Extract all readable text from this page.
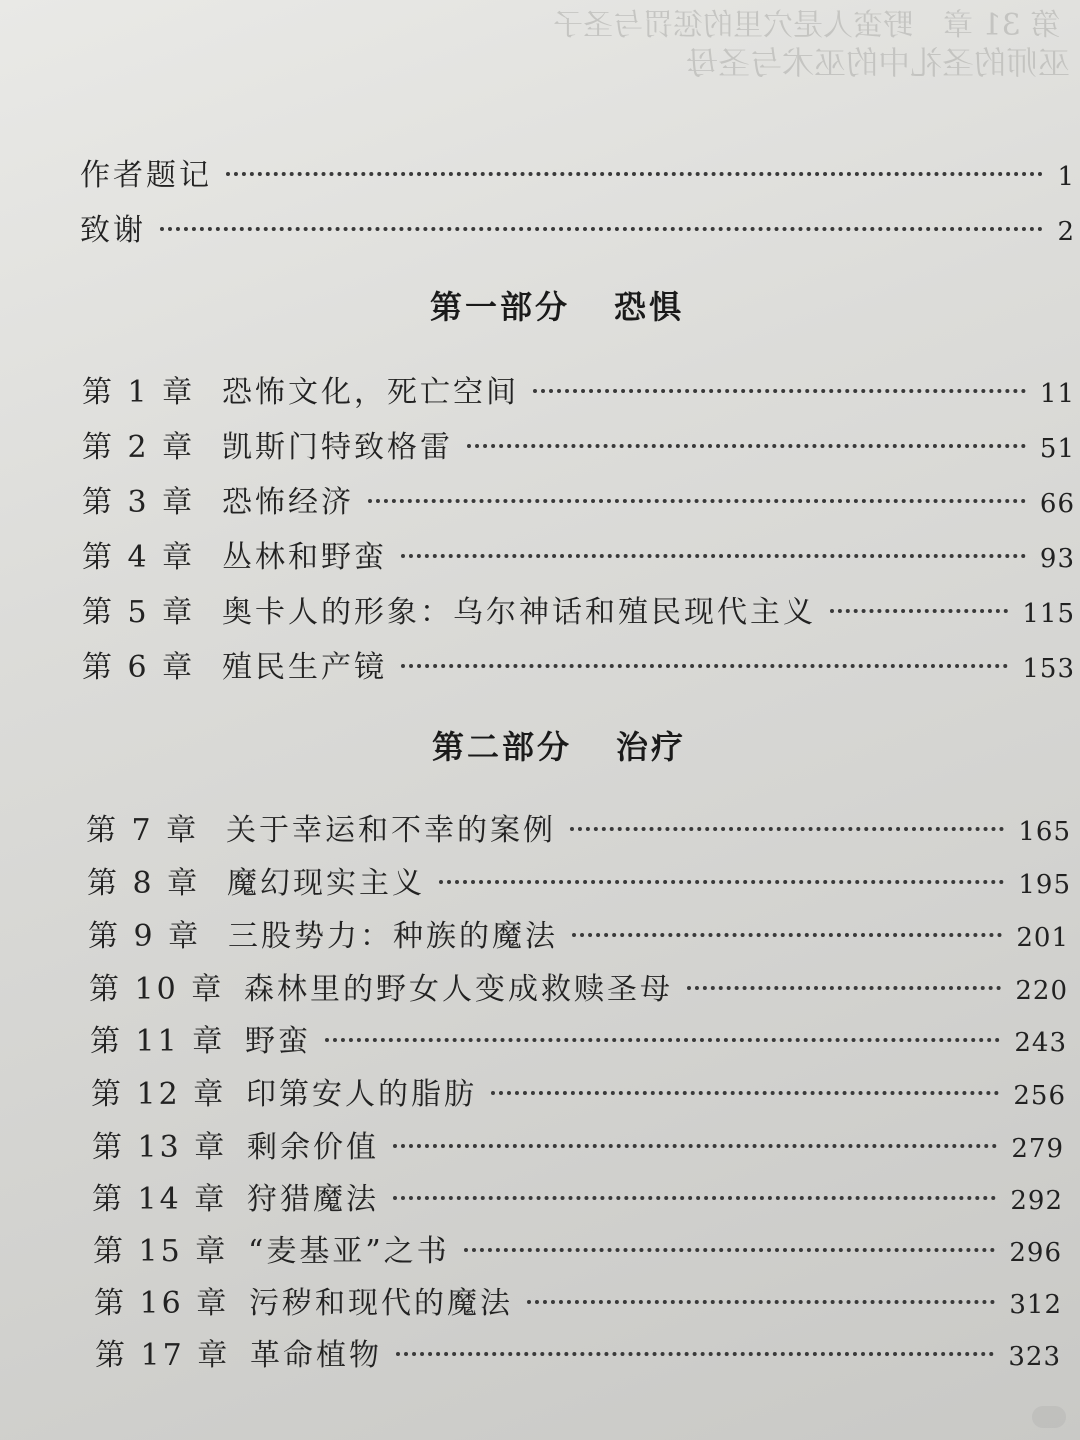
第 31 章　野蛮人是穴里的惩罚与圣子
巫师的圣礼中的巫术与圣母
作者题记	1
致谢	2
第一部分 恐惧
第 1 章 恐怖文化，死亡空间	11
第 2 章 凯斯门特致格雷	51
第 3 章 恐怖经济	66
第 4 章 丛林和野蛮	93
第 5 章 奥卡人的形象：乌尔神话和殖民现代主义	115
第 6 章 殖民生产镜	153
第二部分 治疗
第 7 章 关于幸运和不幸的案例	165
第 8 章 魔幻现实主义	195
第 9 章 三股势力：种族的魔法	201
第 10 章 森林里的野女人变成救赎圣母	220
第 11 章 野蛮	243
第 12 章 印第安人的脂肪	256
第 13 章 剩余价值	279
第 14 章 狩猎魔法	292
第 15 章 “麦基亚”之书	296
第 16 章 污秽和现代的魔法	312
第 17 章 革命植物	323
